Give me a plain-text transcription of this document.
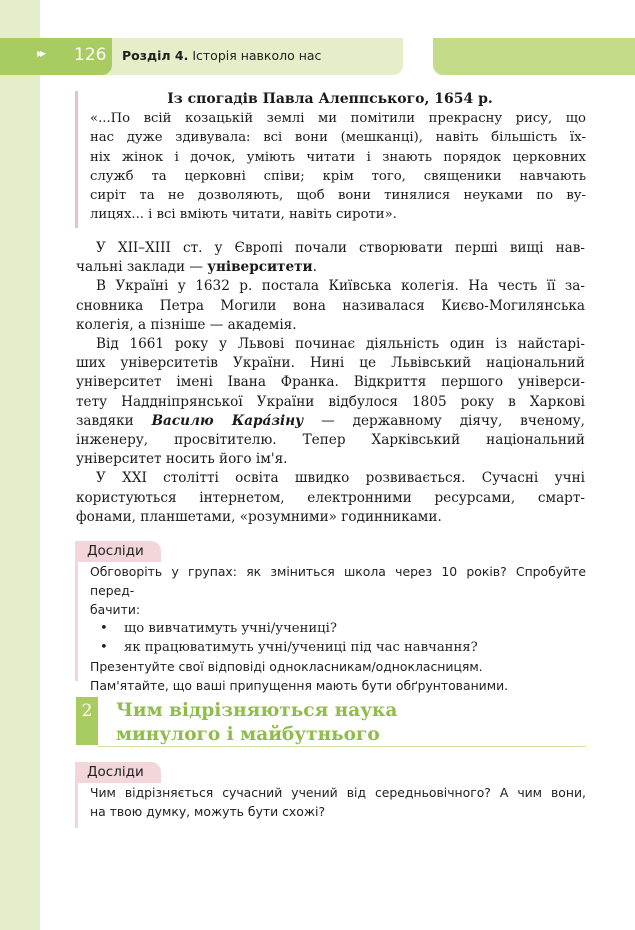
▸▸ 126 Розділ 4. Історія навколо нас
Із спогадів Павла Алеппського, 1654 р.
«...По всій козацькій землі ми помітили прекрасну рису, що
нас дуже здивувала: всі вони (мешканці), навіть більшість їх-
ніх жінок і дочок, уміють читати і знають порядок церковних
служб та церковні співи; крім того, священики навчають
сиріт та не дозволяють, щоб вони тинялися неуками по ву-
лицях... і всі вміють читати, навіть сироти».
У XII–XIII ст. у Європі почали створювати перші вищі нав-
чальні заклади — університети.
В Україні у 1632 р. постала Київська колегія. На честь її за-
сновника Петра Могили вона називалася Києво-Могилянська
колегія, а пізніше — академія.
Від 1661 року у Львові починає діяльність один із найстарі-
ших університетів України. Нині це Львівський національний
університет імені Івана Франка. Відкриття першого універси-
тету Наддніпрянської України відбулося 1805 року в Харкові
завдяки Василю Кара́зіну — державному діячу, вченому,
інженеру, просвітителю. Тепер Харківський національний
університет носить його ім'я.
У XXI столітті освіта швидко розвивається. Сучасні учні
користуються інтернетом, електронними ресурсами, смарт-
фонами, планшетами, «розумними» годинниками.
Досліди
Обговоріть у групах: як зміниться школа через 10 років? Спробуйте перед-
бачити:
• що вивчатимуть учні/учениці?
• як працюватимуть учні/учениці під час навчання?
Презентуйте свої відповіді однокласникам/однокласницям.
Пам'ятайте, що ваші припущення мають бути обґрунтованими.
2	Чим відрізняються наука
минулого і майбутнього
Досліди
Чим відрізняється сучасний учений від середньовічного? А чим вони,
на твою думку, можуть бути схожі?
